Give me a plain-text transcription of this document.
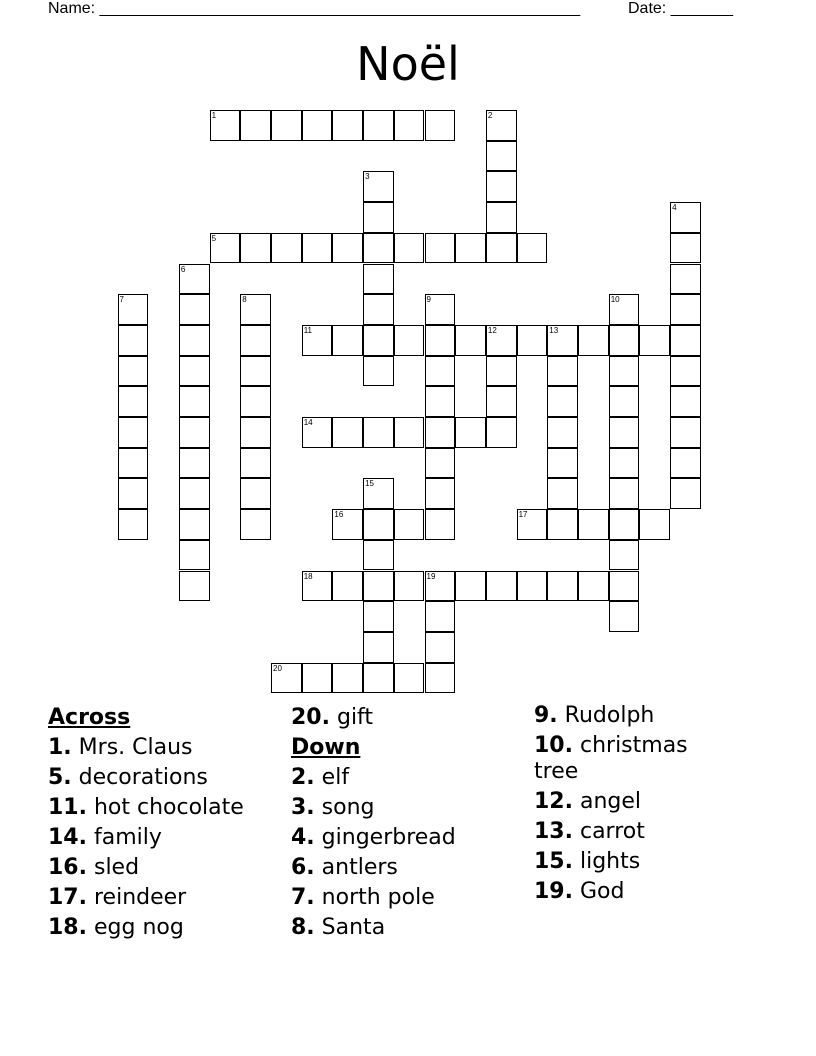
Name: ______________________________________________________	Date: _______
Noël
1	2
3
4
5
6
7	8	9	10
11	12	13
14
15
16	17
18	19
20
Across
1. Mrs. Claus
5. decorations
11. hot chocolate
14. family
16. sled
17. reindeer
18. egg nog
20. gift
Down
2. elf
3. song
4. gingerbread
6. antlers
7. north pole
8. Santa
9. Rudolph
10. christmas tree
12. angel
13. carrot
15. lights
19. God
